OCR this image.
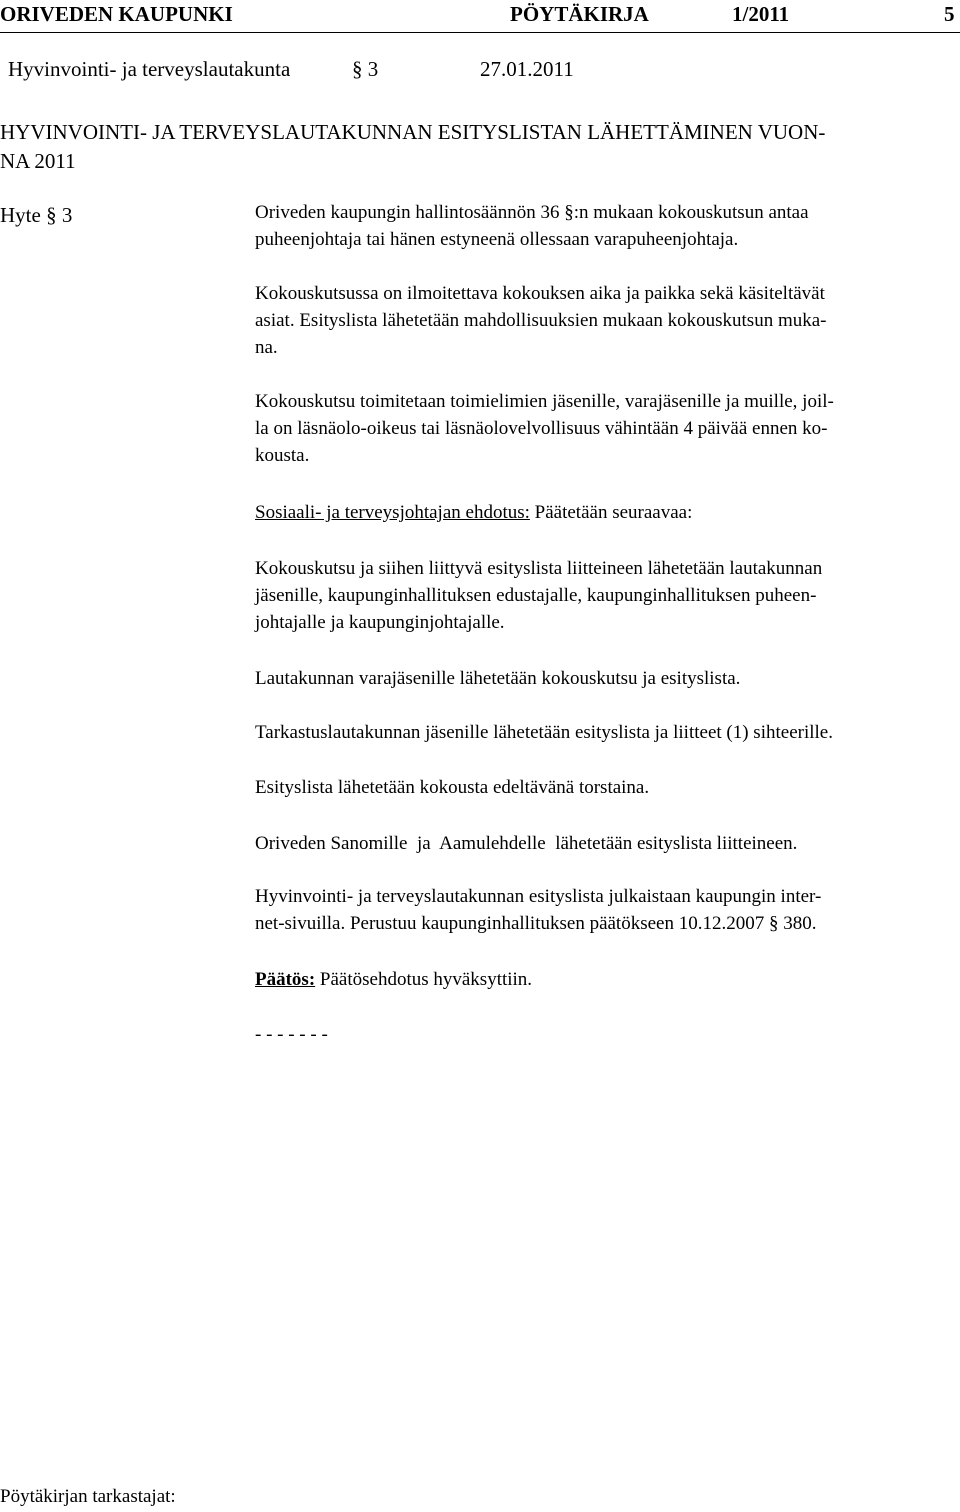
ORIVEDEN KAUPUNKI	PÖYTÄKIRJA	1/2011	5
Hyvinvointi- ja terveyslautakunta	§ 3	27.01.2011
HYVINVOINTI- JA TERVEYSLAUTAKUNNAN ESITYSLISTAN LÄHETTÄMINEN VUON-
NA 2011
Hyte § 3	Oriveden kaupungin hallintosäännön 36 §:n mukaan kokouskutsun antaa
puheenjohtaja tai hänen estyneenä ollessaan varapuheenjohtaja.
Kokouskutsussa on ilmoitettava kokouksen aika ja paikka sekä käsiteltävät
asiat. Esityslista lähetetään mahdollisuuksien mukaan kokouskutsun muka-
na.
Kokouskutsu toimitetaan toimielimien jäsenille, varajäsenille ja muille, joil-
la on läsnäolo-oikeus tai läsnäolovelvollisuus vähintään 4 päivää ennen ko-
kousta.
Sosiaali- ja terveysjohtajan ehdotus: Päätetään seuraavaa:
Kokouskutsu ja siihen liittyvä esityslista liitteineen lähetetään lautakunnan
jäsenille, kaupunginhallituksen edustajalle, kaupunginhallituksen puheen-
johtajalle ja kaupunginjohtajalle.
Lautakunnan varajäsenille lähetetään kokouskutsu ja esityslista.
Tarkastuslautakunnan jäsenille lähetetään esityslista ja liitteet (1) sihteerille.
Esityslista lähetetään kokousta edeltävänä torstaina.
Oriveden Sanomille  ja  Aamulehdelle  lähetetään esityslista liitteineen.
Hyvinvointi- ja terveyslautakunnan esityslista julkaistaan kaupungin inter-
net-sivuilla. Perustuu kaupunginhallituksen päätökseen 10.12.2007 § 380.
Päätös: Päätösehdotus hyväksyttiin.
- - - - - - -
Pöytäkirjan tarkastajat:
